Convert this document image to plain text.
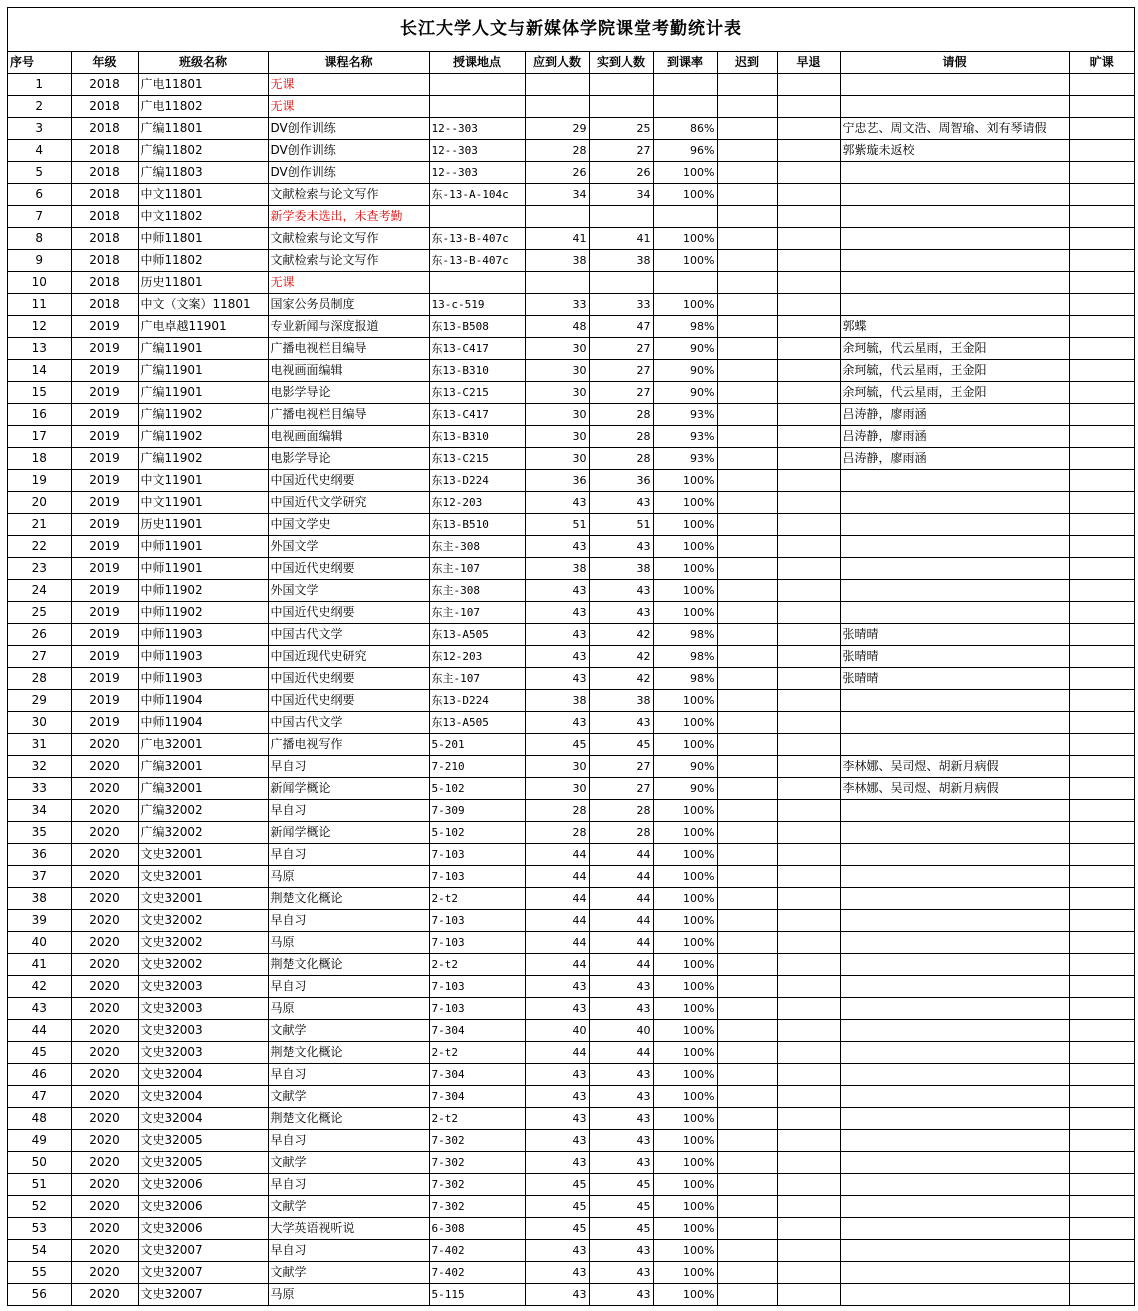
长江大学人文与新媒体学院课堂考勤统计表
序号	年级	班级名称	课程名称	授课地点	应到人数	实到人数	到课率	迟到	早退	请假	旷课
1	2018	广电11801	无课								
2	2018	广电11802	无课								
3	2018	广编11801	DV创作训练	12--303	29	25	86%			宁忠艺、周文浩、周智瑜、刘有琴请假	
4	2018	广编11802	DV创作训练	12--303	28	27	96%			郭紫璇未返校	
5	2018	广编11803	DV创作训练	12--303	26	26	100%				
6	2018	中文11801	文献检索与论文写作	东-13-A-104c	34	34	100%				
7	2018	中文11802	新学委未选出，未查考勤								
8	2018	中师11801	文献检索与论文写作	东-13-B-407c	41	41	100%				
9	2018	中师11802	文献检索与论文写作	东-13-B-407c	38	38	100%				
10	2018	历史11801	无课								
11	2018	中文（文案）11801	国家公务员制度	13-c-519	33	33	100%				
12	2019	广电卓越11901	专业新闻与深度报道	东13-B508	48	47	98%			郭蝶	
13	2019	广编11901	广播电视栏目编导	东13-C417	30	27	90%			余珂毓，代云星雨，王金阳	
14	2019	广编11901	电视画面编辑	东13-B310	30	27	90%			余珂毓，代云星雨，王金阳	
15	2019	广编11901	电影学导论	东13-C215	30	27	90%			余珂毓，代云星雨，王金阳	
16	2019	广编11902	广播电视栏目编导	东13-C417	30	28	93%			吕涛静，廖雨涵	
17	2019	广编11902	电视画面编辑	东13-B310	30	28	93%			吕涛静，廖雨涵	
18	2019	广编11902	电影学导论	东13-C215	30	28	93%			吕涛静，廖雨涵	
19	2019	中文11901	中国近代史纲要	东13-D224	36	36	100%				
20	2019	中文11901	中国近代文学研究	东12-203	43	43	100%				
21	2019	历史11901	中国文学史	东13-B510	51	51	100%				
22	2019	中师11901	外国文学	东主-308	43	43	100%				
23	2019	中师11901	中国近代史纲要	东主-107	38	38	100%				
24	2019	中师11902	外国文学	东主-308	43	43	100%				
25	2019	中师11902	中国近代史纲要	东主-107	43	43	100%				
26	2019	中师11903	中国古代文学	东13-A505	43	42	98%			张晴晴	
27	2019	中师11903	中国近现代史研究	东12-203	43	42	98%			张晴晴	
28	2019	中师11903	中国近代史纲要	东主-107	43	42	98%			张晴晴	
29	2019	中师11904	中国近代史纲要	东13-D224	38	38	100%				
30	2019	中师11904	中国古代文学	东13-A505	43	43	100%				
31	2020	广电32001	广播电视写作	5-201	45	45	100%				
32	2020	广编32001	早自习	7-210	30	27	90%			李林娜、吴司煜、胡新月病假	
33	2020	广编32001	新闻学概论	5-102	30	27	90%			李林娜、吴司煜、胡新月病假	
34	2020	广编32002	早自习	7-309	28	28	100%				
35	2020	广编32002	新闻学概论	5-102	28	28	100%				
36	2020	文史32001	早自习	7-103	44	44	100%				
37	2020	文史32001	马原	7-103	44	44	100%				
38	2020	文史32001	荆楚文化概论	2-t2	44	44	100%				
39	2020	文史32002	早自习	7-103	44	44	100%				
40	2020	文史32002	马原	7-103	44	44	100%				
41	2020	文史32002	荆楚文化概论	2-t2	44	44	100%				
42	2020	文史32003	早自习	7-103	43	43	100%				
43	2020	文史32003	马原	7-103	43	43	100%				
44	2020	文史32003	文献学	7-304	40	40	100%				
45	2020	文史32003	荆楚文化概论	2-t2	44	44	100%				
46	2020	文史32004	早自习	7-304	43	43	100%				
47	2020	文史32004	文献学	7-304	43	43	100%				
48	2020	文史32004	荆楚文化概论	2-t2	43	43	100%				
49	2020	文史32005	早自习	7-302	43	43	100%				
50	2020	文史32005	文献学	7-302	43	43	100%				
51	2020	文史32006	早自习	7-302	45	45	100%				
52	2020	文史32006	文献学	7-302	45	45	100%				
53	2020	文史32006	大学英语视听说	6-308	45	45	100%				
54	2020	文史32007	早自习	7-402	43	43	100%				
55	2020	文史32007	文献学	7-402	43	43	100%				
56	2020	文史32007	马原	5-115	43	43	100%				
